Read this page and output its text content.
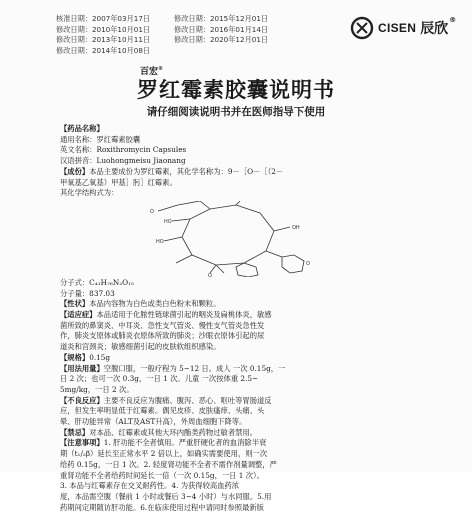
核准日期：2007年03月17日	修改日期：2015年12月01日
修改日期：2010年10月01日	修改日期：2016年01月14日
修改日期：2013年10月11日	修改日期：2020年12月01日
修改日期：2014年10月08日
CISEN 辰欣
®
百宏®
罗红霉素胶囊说明书
请仔细阅读说明书并在医师指导下使用
【药品名称】
通用名称：罗红霉素胶囊
英文名称：Roxithromycin Capsules
汉语拼音：Luohongmeisu Jiaonang
【成份】本品主要成份为罗红霉素，其化学名称为：9－［O－［（2－
甲氧基乙氧基）甲基］肟］红霉素。
其化学结构式为：
O
HO
HO
OH
O
O
分子式：C₄₁H₇₆N₂O₁₅
分子量：837.03
【性状】本品内容物为白色或类白色粉末和颗粒。
【适应症】本品适用于化脓性链球菌引起的咽炎及扁桃体炎，敏感
菌所致的鼻窦炎、中耳炎、急性支气管炎、慢性支气管炎急性发
作，肺炎支原体或肺炎衣原体所致的肺炎；沙眼衣原体引起的尿
道炎和宫颈炎；敏感细菌引起的皮肤软组织感染。
【规格】0.15g
【用法用量】空腹口服，一般疗程为 5~12 日。成人 一次 0.15g，一
日 2 次；也可一次 0.3g，一日 1 次。儿童 一次按体重 2.5~
5mg/kg，一日 2 次。
【不良反应】主要不良反应为腹痛、腹泻、恶心、呕吐等胃肠道反
应，但发生率明显低于红霉素。偶见皮疹、皮肤瘙痒、头痛、头
晕、肝功能异常（ALT及AST升高），外周血细胞下降等。
【禁忌】对本品、红霉素或其他大环内酯类药物过敏者禁用。
【注意事项】1. 肝功能不全者慎用。严重肝硬化者的血消除半衰
期（t₁/₂β）延长至正常水平 2 倍以上，如确实需要使用，则一次
给药 0.15g，一日 1 次。2. 轻度肾功能不全者不需作剂量调整，严
重肾功能不全者给药时间延长一倍（一次 0.15g，一日 1 次）。
3. 本品与红霉素存在交叉耐药性。4. 为获得较高血药浓
度，本品需空腹（餐前 1 小时或餐后 3~4 小时）与水同服。5.用
药期间定期随访肝功能。6.在临床使用过程中请同时参照最新版
